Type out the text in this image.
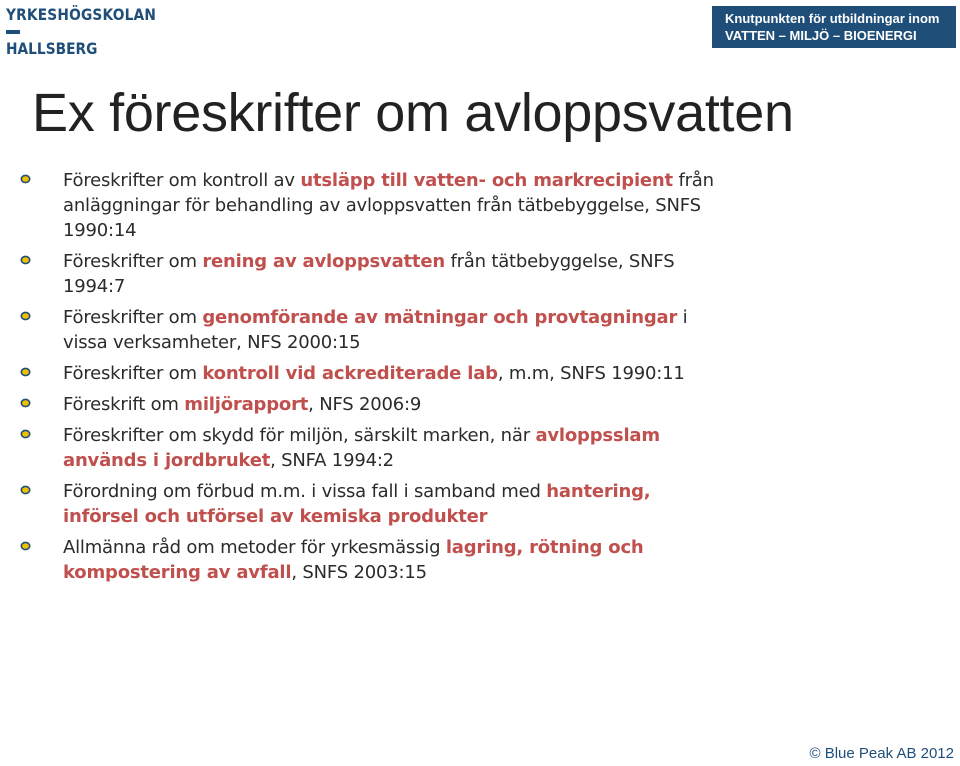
YRKESHÖGSKOLAN
HALLSBERG
Knutpunkten för utbildningar inom
VATTEN – MILJÖ – BIOENERGI
Ex föreskrifter om avloppsvatten
Föreskrifter om kontroll av utsläpp till vatten- och markrecipient från anläggningar för behandling av avloppsvatten från tätbebyggelse, SNFS 1990:14
Föreskrifter om rening av avloppsvatten från tätbebyggelse, SNFS 1994:7
Föreskrifter om genomförande av mätningar och provtagningar i vissa verksamheter, NFS 2000:15
Föreskrifter om kontroll vid ackrediterade lab, m.m, SNFS 1990:11
Föreskrift om miljörapport, NFS 2006:9
Föreskrifter om skydd för miljön, särskilt marken, när avloppsslam används i jordbruket, SNFA 1994:2
Förordning om förbud m.m. i vissa fall i samband med hantering, införsel och utförsel av kemiska produkter
Allmänna råd om metoder för yrkesmässig lagring, rötning och kompostering av avfall, SNFS 2003:15
© Blue Peak AB 2012
